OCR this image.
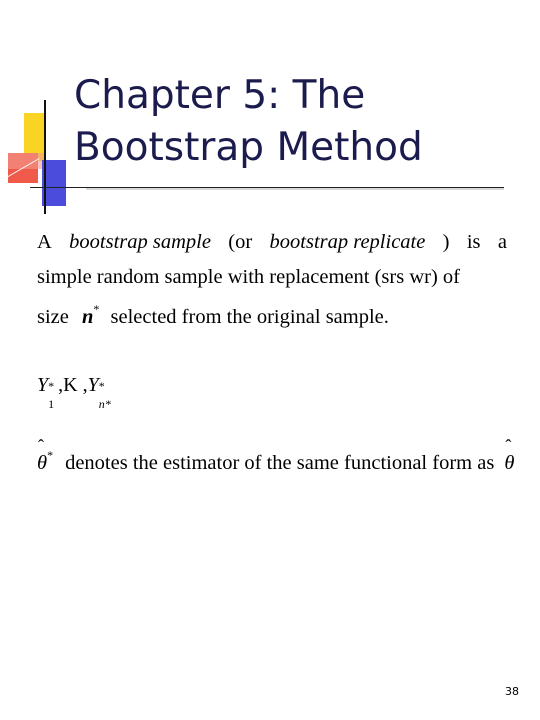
Chapter 5: The Bootstrap Method
A bootstrap sample (or bootstrap replicate ) is a
simple random sample with replacement (srs wr) of
size n* selected from the original sample.
Y *
1
,K ,Y *
n*
ˆ
θ * denotes the estimator of the same functional form as
ˆ
θ
38
